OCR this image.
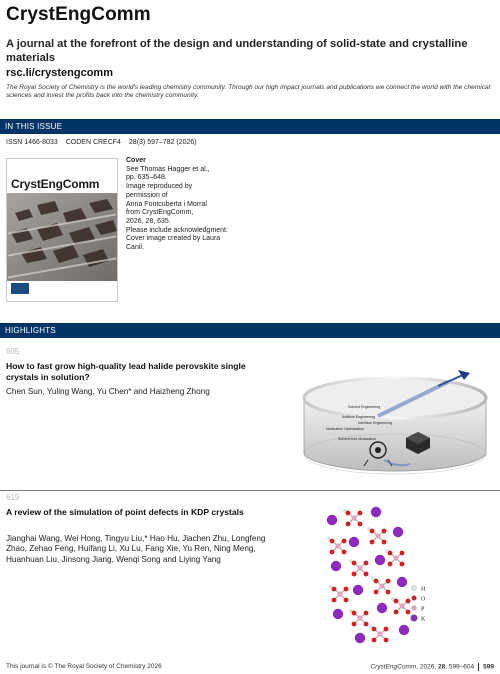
CrystEngComm
A journal at the forefront of the design and understanding of solid-state and crystalline materials
rsc.li/crystengcomm
The Royal Society of Chemistry is the world's leading chemistry community. Through our high impact journals and publications we connect the world with the chemical sciences and invest the profits back into the chemistry community.
IN THIS ISSUE
ISSN 1466-8033 CODEN CRECF4 28(3) 597–782 (2026)
CrystEngComm
Cover
See Thomas Hagger et al.,
pp. 635–648.
Image reproduced by
permission of
Anna Fontcuberta i Morral
from CrystEngComm,
2026, 28, 635.
Please include acknowledgment:
Cover image created by Laura
Canil.
HIGHLIGHTS
605
How to fast grow high-quality lead halide perovskite single crystals in solution?
Chen Sun, Yuling Wang, Yu Chen* and Haizheng Zhong
Solvent Engineering
Additive Engineering
Interface Engineering
Nucleation Optimization
Solvent-free Modulation
619
A review of the simulation of point defects in KDP crystals
Jianghai Wang, Wei Hong, Tingyu Liu,* Hao Hu, Jiachen Zhu, Longfeng Zhao, Zehao Feng, Huifang Li, Xu Lu, Fang Xie, Yu Ren, Ning Meng, Huanhuan Liu, Jinsong Jiang, Wenqi Song and Liying Yang
H
O
P
K
This journal is © The Royal Society of Chemistry 2026	CrystEngComm, 2026, 28, 599–604 599
